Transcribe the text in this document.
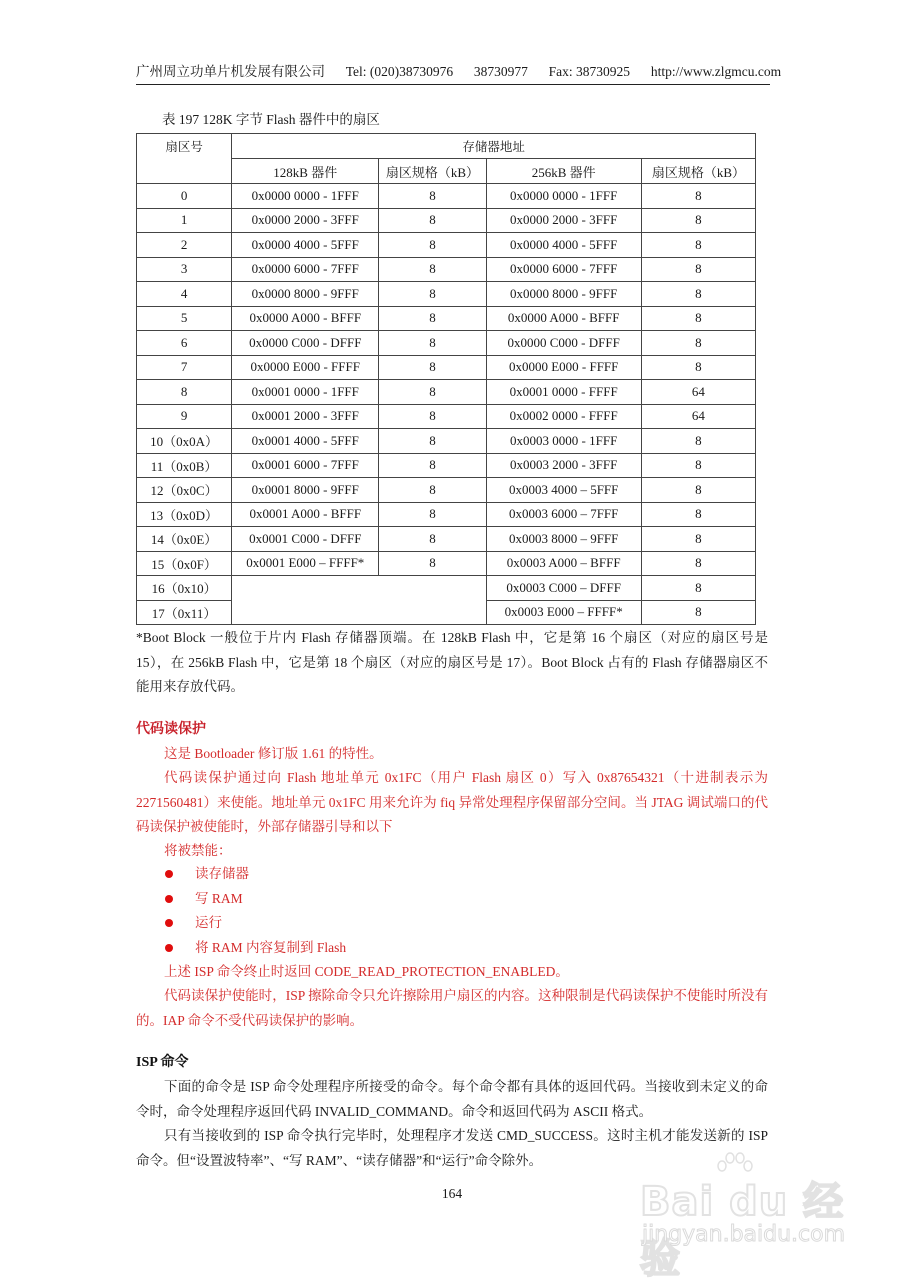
广州周立功单片机发展有限公司 Tel: (020)38730976 38730977 Fax: 38730925 http://www.zlgmcu.com
表 197 128K 字节 Flash 器件中的扇区
扇区号	存储器地址			
	128kB 器件	扇区规格（kB）	256kB 器件	扇区规格（kB）
0	0x0000 0000 - 1FFF	8	0x0000 0000 - 1FFF	8
1	0x0000 2000 - 3FFF	8	0x0000 2000 - 3FFF	8
2	0x0000 4000 - 5FFF	8	0x0000 4000 - 5FFF	8
3	0x0000 6000 - 7FFF	8	0x0000 6000 - 7FFF	8
4	0x0000 8000 - 9FFF	8	0x0000 8000 - 9FFF	8
5	0x0000 A000 - BFFF	8	0x0000 A000 - BFFF	8
6	0x0000 C000 - DFFF	8	0x0000 C000 - DFFF	8
7	0x0000 E000 - FFFF	8	0x0000 E000 - FFFF	8
8	0x0001 0000 - 1FFF	8	0x0001 0000 - FFFF	64
9	0x0001 2000 - 3FFF	8	0x0002 0000 - FFFF	64
10（0x0A）	0x0001 4000 - 5FFF	8	0x0003 0000 - 1FFF	8
11（0x0B）	0x0001 6000 - 7FFF	8	0x0003 2000 - 3FFF	8
12（0x0C）	0x0001 8000 - 9FFF	8	0x0003 4000 – 5FFF	8
13（0x0D）	0x0001 A000 - BFFF	8	0x0003 6000 – 7FFF	8
14（0x0E）	0x0001 C000 - DFFF	8	0x0003 8000 – 9FFF	8
15（0x0F）	0x0001 E000 – FFFF*	8	0x0003 A000 – BFFF	8
16（0x10）			0x0003 C000 – DFFF	8
17（0x11）			0x0003 E000 – FFFF*	8
*Boot Block 一般位于片内 Flash 存储器顶端。在 128kB Flash 中，它是第 16 个扇区（对应的扇区号是 15），在 256kB Flash 中，它是第 18 个扇区（对应的扇区号是 17）。Boot Block 占有的 Flash 存储器扇区不能用来存放代码。
代码读保护
这是 Bootloader 修订版 1.61 的特性。
代码读保护通过向 Flash 地址单元 0x1FC（用户 Flash 扇区 0）写入 0x87654321（十进制表示为 2271560481）来使能。地址单元 0x1FC 用来允许为 fiq 异常处理程序保留部分空间。当 JTAG 调试端口的代码读保护被使能时，外部存储器引导和以下
将被禁能：
读存储器
写 RAM
运行
将 RAM 内容复制到 Flash
上述 ISP 命令终止时返回 CODE_READ_PROTECTION_ENABLED。
代码读保护使能时，ISP 擦除命令只允许擦除用户扇区的内容。这种限制是代码读保护不使能时所没有的。IAP 命令不受代码读保护的影响。
ISP 命令
下面的命令是 ISP 命令处理程序所接受的命令。每个命令都有具体的返回代码。当接收到未定义的命令时，命令处理程序返回代码 INVALID_COMMAND。命令和返回代码为 ASCII 格式。
只有当接收到的 ISP 命令执行完毕时，处理程序才发送 CMD_SUCCESS。这时主机才能发送新的 ISP 命令。但“设置波特率”、“写 RAM”、“读存储器”和“运行”命令除外。
164	Bai du 经验
jingyan.baidu.com
